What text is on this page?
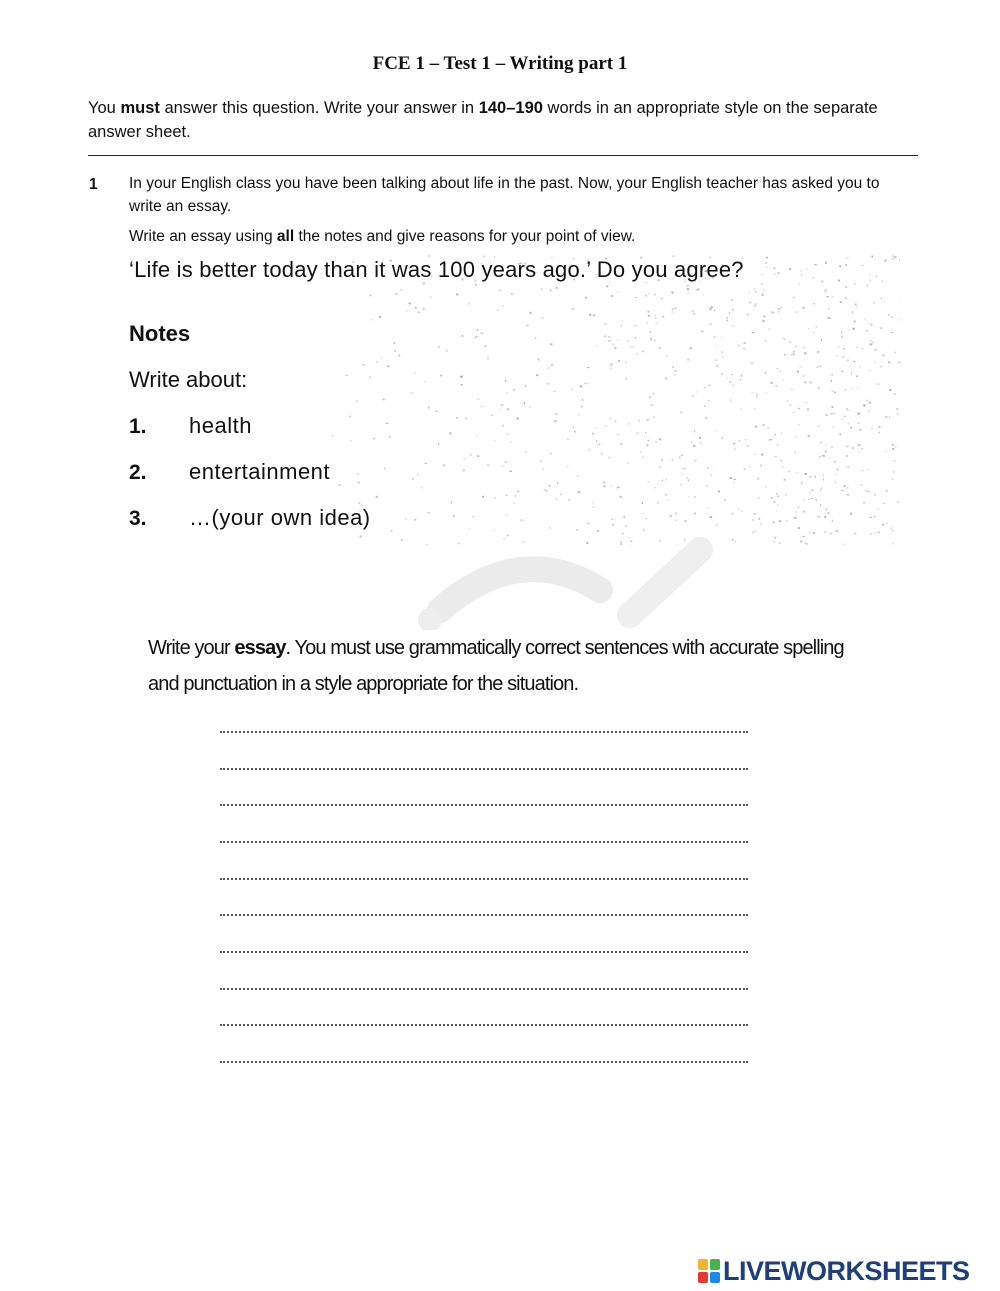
FCE 1 – Test 1 – Writing part 1
You must answer this question. Write your answer in 140–190 words in an appropriate style on the separate answer sheet.
1 In your English class you have been talking about life in the past. Now, your English teacher has asked you to write an essay.
Write an essay using all the notes and give reasons for your point of view.
‘Life is better today than it was 100 years ago.’ Do you agree?
Notes
Write about:
1. health
2. entertainment
3. …(your own idea)
Write your essay. You must use grammatically correct sentences with accurate spelling and punctuation in a style appropriate for the situation.
LIVEWORKSHEETS
